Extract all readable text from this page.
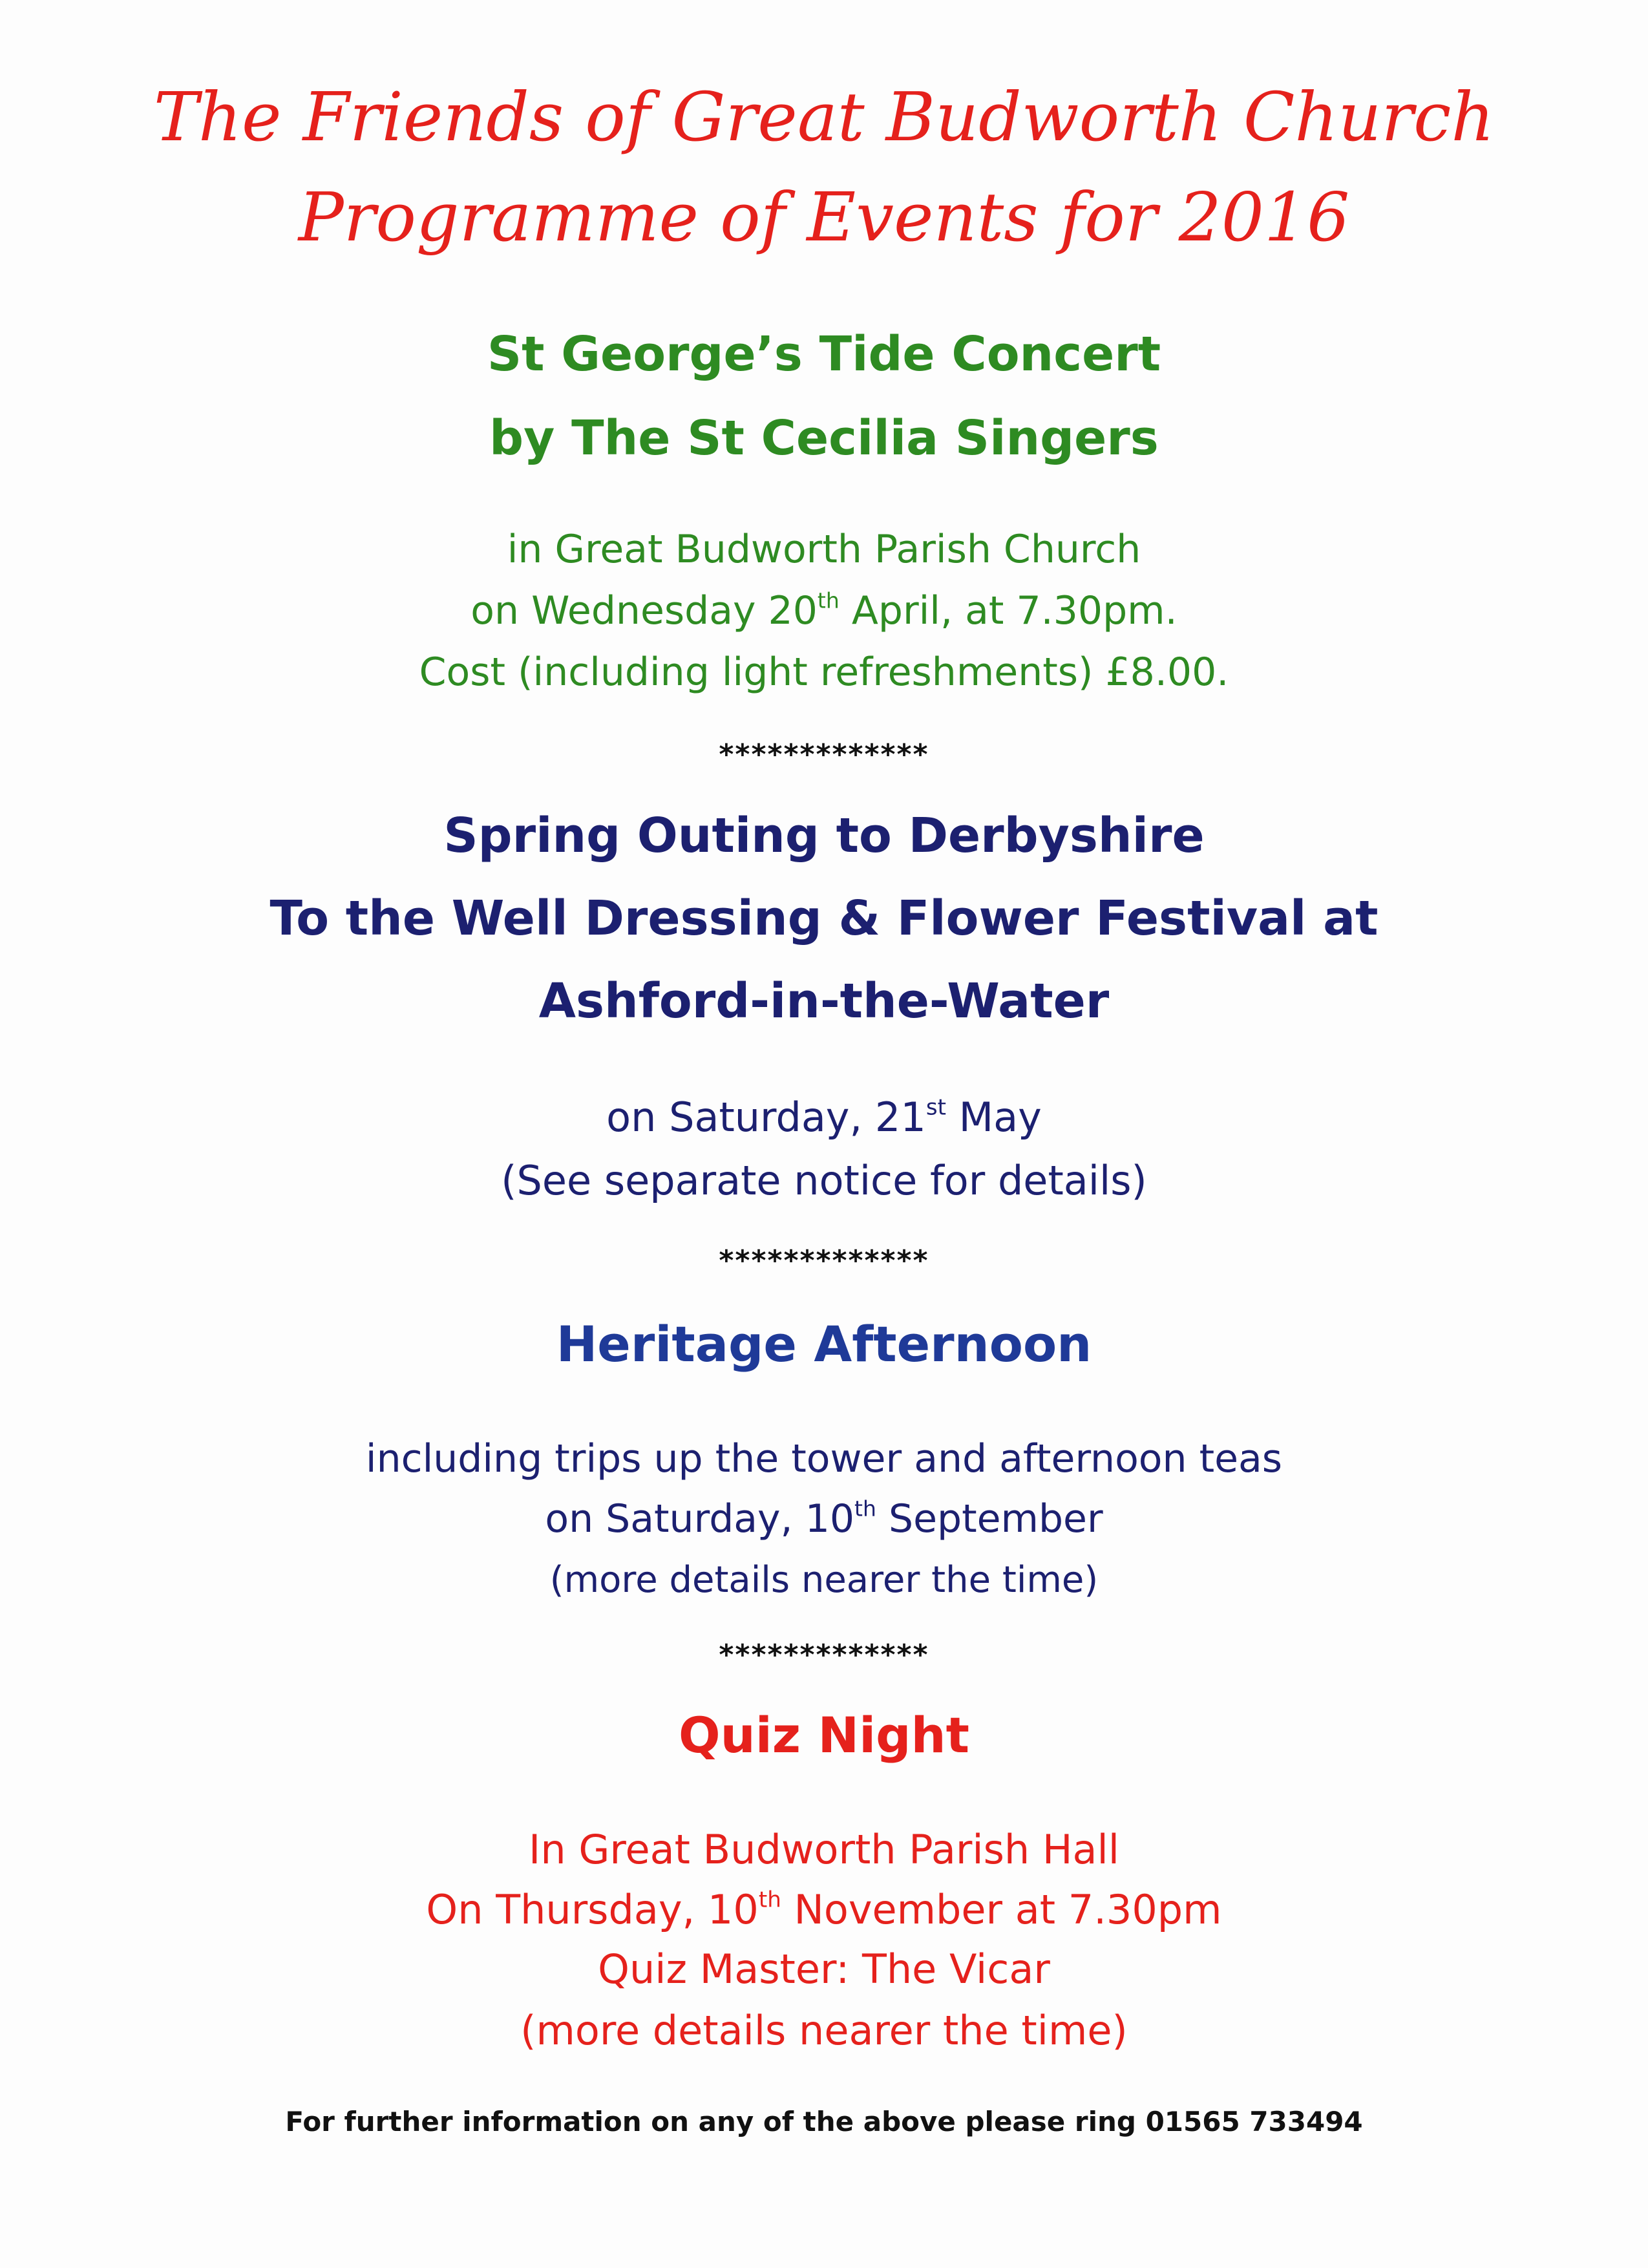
The Friends of Great Budworth Church
Programme of Events for 2016
St George’s Tide Concert
by The St Cecilia Singers
in Great Budworth Parish Church
on Wednesday 20th April, at 7.30pm.
Cost (including light refreshments) £8.00.
*************
Spring Outing to Derbyshire
To the Well Dressing & Flower Festival at
Ashford-in-the-Water
on Saturday, 21st May
(See separate notice for details)
*************
Heritage Afternoon
including trips up the tower and afternoon teas
on Saturday, 10th September
(more details nearer the time)
*************
Quiz Night
In Great Budworth Parish Hall
On Thursday, 10th November at 7.30pm
Quiz Master: The Vicar
(more details nearer the time)
For further information on any of the above please ring 01565 733494
